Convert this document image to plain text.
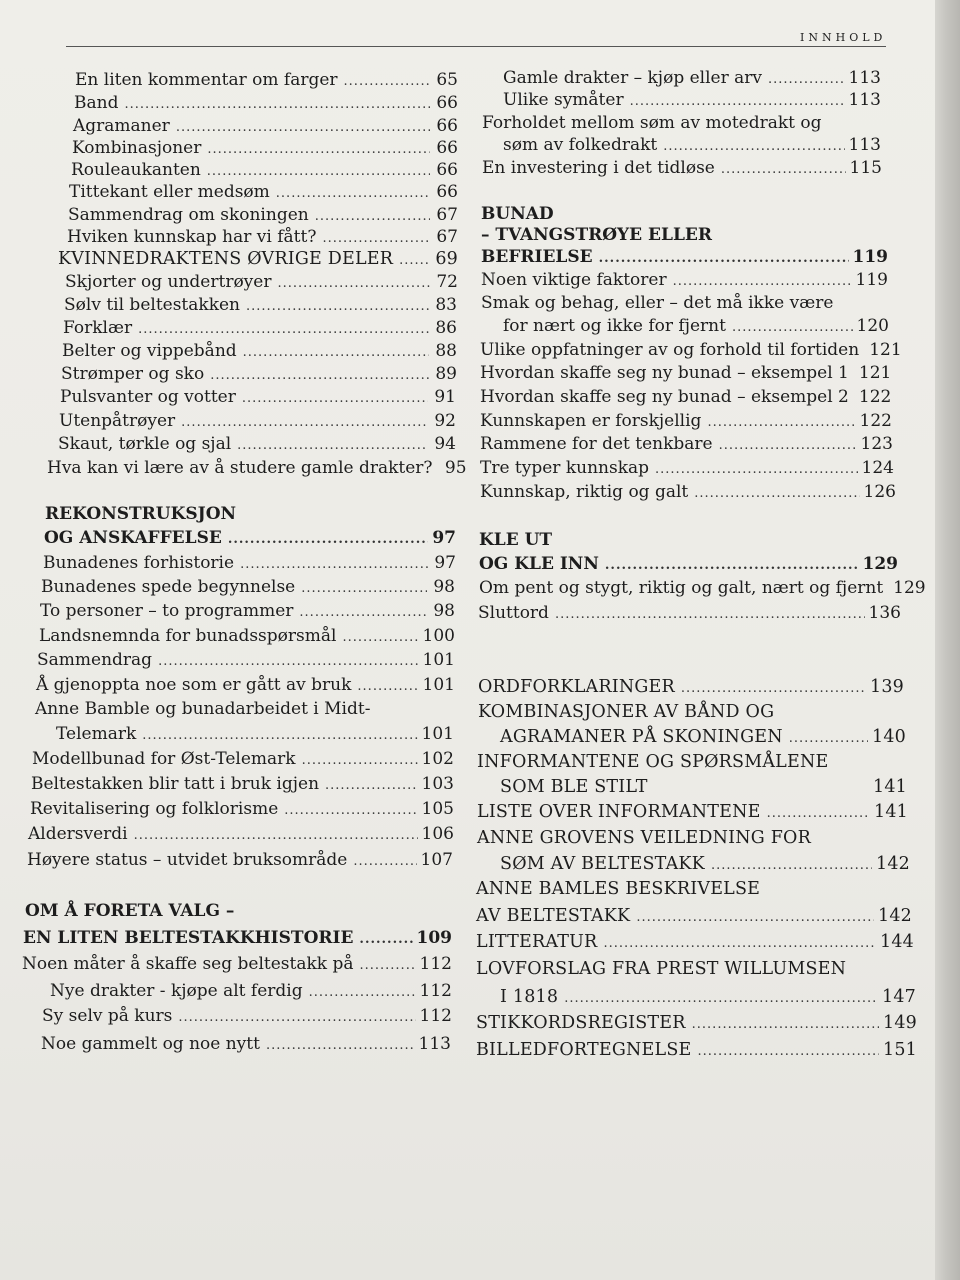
INNHOLD
En liten kommentar om farger .....	65
Band .....	66
Agramaner .....	66
Kombinasjoner .....	66
Rouleaukanten .....	66
Tittekant eller medsøm .....	66
Sammendrag om skoningen .....	67
Hviken kunnskap har vi fått? .....	67
KVINNEDRAKTENS ØVRIGE DELER ..... 69
Skjorter og undertrøyer .....	72
Sølv til beltestakken .....	83
Forklær .....	86
Belter og vippebånd .....	88
Strømper og sko .....	89
Pulsvanter og votter .....	91
Utenpåtrøyer .....	92
Skaut, tørkle og sjal .....	94
Hva kan vi lære av å studere gamle drakter? 95
REKONSTRUKSJON
OG ANSKAFFELSE .....	97
Bunadenes forhistorie .....	97
Bunadenes spede begynnelse .....	98
To personer – to programmer .....	98
Landsnemnda for bunadsspørsmål .....	100
Sammendrag .....	101
Å gjenoppta noe som er gått av bruk .....	101
Anne Bamble og bunadarbeidet i Midt-
Telemark .....	101
Modellbunad for Øst-Telemark .....	102
Beltestakken blir tatt i bruk igjen .....	103
Revitalisering og folklorisme .....	105
Aldersverdi .....	106
Høyere status – utvidet bruksområde .....	107
OM Å FORETA VALG –
EN LITEN BELTESTAKKHISTORIE .....	109
Noen måter å skaffe seg beltestakk på .....	112
Nye drakter - kjøpe alt ferdig .....	112
Sy selv på kurs .....	112
Noe gammelt og noe nytt .....	113
Gamle drakter – kjøp eller arv .....	113
Ulike symåter .....	113
Forholdet mellom søm av motedrakt og
søm av folkedrakt .....	113
En investering i det tidløse .....	115
BUNAD
– TVANGSTRØYE ELLER
BEFRIELSE .....	119
Noen viktige faktorer .....	119
Smak og behag, eller – det må ikke være
for nært og ikke for fjernt .....	120
Ulike oppfatninger av og forhold til fortiden 121
Hvordan skaffe seg ny bunad – eksempel 1 121
Hvordan skaffe seg ny bunad – eksempel 2 122
Kunnskapen er forskjellig .....	122
Rammene for det tenkbare .....	123
Tre typer kunnskap .....	124
Kunnskap, riktig og galt .....	126
KLE UT
OG KLE INN .....	129
Om pent og stygt, riktig og galt, nært og fjernt 129
Sluttord .....	136
ORDFORKLARINGER .....	139
KOMBINASJONER AV BÅND OG
AGRAMANER PÅ SKONINGEN .....	140
INFORMANTENE OG SPØRSMÅLENE
SOM BLE STILT	141
LISTE OVER INFORMANTENE .....	141
ANNE GROVENS VEILEDNING FOR
SØM AV BELTESTAKK .....	142
ANNE BAMLES BESKRIVELSE
AV BELTESTAKK .....	142
LITTERATUR .....	144
LOVFORSLAG FRA PREST WILLUMSEN
I 1818 .....	147
STIKKORDSREGISTER .....	149
BILLEDFORTEGNELSE .....	151
